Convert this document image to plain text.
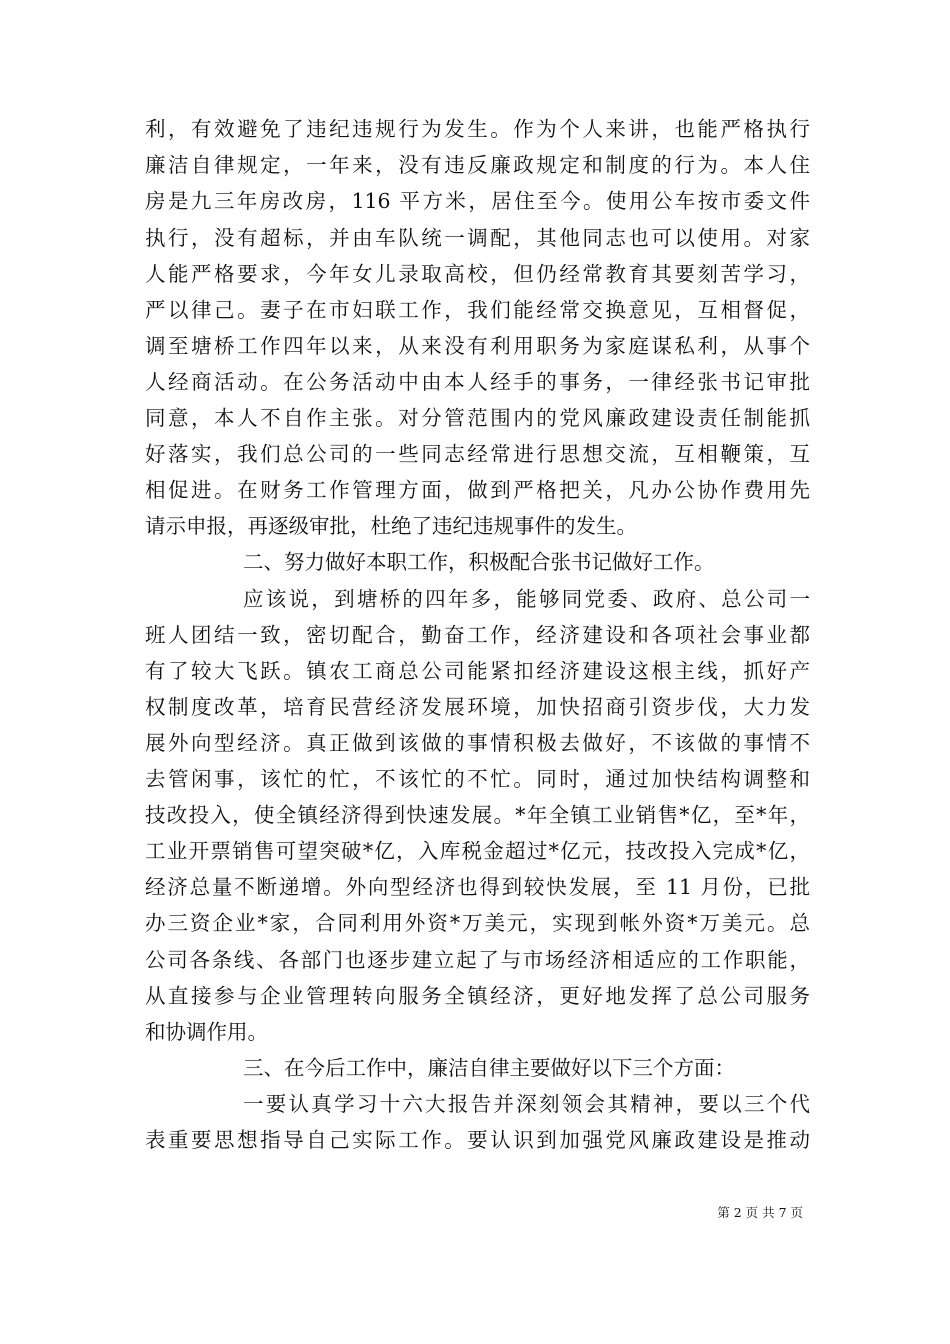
利，有效避免了违纪违规行为发生。作为个人来讲，也能严格执行
廉洁自律规定，一年来，没有违反廉政规定和制度的行为。本人住
房是九三年房改房，116 平方米，居住至今。使用公车按市委文件
执行，没有超标，并由车队统一调配，其他同志也可以使用。对家
人能严格要求，今年女儿录取高校，但仍经常教育其要刻苦学习，
严以律己。妻子在市妇联工作，我们能经常交换意见，互相督促，
调至塘桥工作四年以来，从来没有利用职务为家庭谋私利，从事个
人经商活动。在公务活动中由本人经手的事务，一律经张书记审批
同意，本人不自作主张。对分管范围内的党风廉政建设责任制能抓
好落实，我们总公司的一些同志经常进行思想交流，互相鞭策，互
相促进。在财务工作管理方面，做到严格把关，凡办公协作费用先
请示申报，再逐级审批，杜绝了违纪违规事件的发生。
二、努力做好本职工作，积极配合张书记做好工作。
应该说，到塘桥的四年多，能够同党委、政府、总公司一
班人团结一致，密切配合，勤奋工作，经济建设和各项社会事业都
有了较大飞跃。镇农工商总公司能紧扣经济建设这根主线，抓好产
权制度改革，培育民营经济发展环境，加快招商引资步伐，大力发
展外向型经济。真正做到该做的事情积极去做好，不该做的事情不
去管闲事，该忙的忙，不该忙的不忙。同时，通过加快结构调整和
技改投入，使全镇经济得到快速发展。*年全镇工业销售*亿，至*年，
工业开票销售可望突破*亿，入库税金超过*亿元，技改投入完成*亿，
经济总量不断递增。外向型经济也得到较快发展，至 11 月份，已批
办三资企业*家，合同利用外资*万美元，实现到帐外资*万美元。总
公司各条线、各部门也逐步建立起了与市场经济相适应的工作职能，
从直接参与企业管理转向服务全镇经济，更好地发挥了总公司服务
和协调作用。
三、在今后工作中，廉洁自律主要做好以下三个方面：
一要认真学习十六大报告并深刻领会其精神，要以三个代
表重要思想指导自己实际工作。要认识到加强党风廉政建设是推动
第 2 页 共 7 页
